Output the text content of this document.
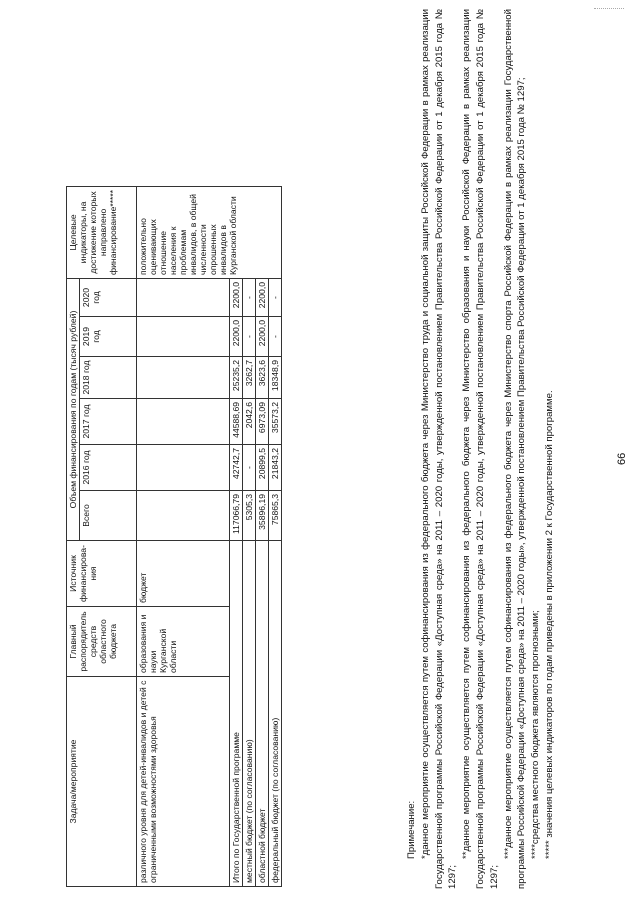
66
Задача/мероприятие	Главный распорядитель средств областного бюджета	Источник финансирова-ния	Объем финансирования по годам (тысяч рублей)						Целевые индикаторы, на достижение которых направлено финансирование*****
			Всего	2016 год	2017 год	2018 год	2019 год	2020 год	
различного уровня для детей-инвалидов и детей с ограниченными возможностями здоровья	образования и науки Курганской области	бюджет							положительно оценивающих отношение населения к проблемам инвалидов, в общей численности опрошенных инвалидов в Курганской области
Итого по Государственной программе			117066,79	42742,7	44588,69	25235,2	2200,0	2200,0	
местный бюджет (по согласованию)			5305,3	-	2042,6	3262,7	-	-	
областной бюджет			35896,19	20899,5	6973,09	3623,6	2200,0	2200,0	
федеральный бюджет (по согласованию)			75865,3	21843,2	35573,2	18348,9	-	-	

Примечание: *данное мероприятие осуществляется путем софинансирования из федерального бюджета через Министерство труда и социальной защиты Российской Федерации в рамках реализации Государственной программы Российской Федерации «Доступная среда» на 2011 – 2020 годы, утвержденной постановлением Правительства Российской Федерации от 1 декабря 2015 года № 1297;

**данное мероприятие осуществляется путем софинансирования из федерального бюджета через Министерство образования и науки Российской Федерации в рамках реализации Государственной программы Российской Федерации «Доступная среда» на 2011 – 2020 годы, утвержденной постановлением Правительства Российской Федерации от 1 декабря 2015 года № 1297;

***данное мероприятие осуществляется путем софинансирования из федерального бюджета через Министерство спорта Российской Федерации в рамках реализации Государственной программы Российской Федерации «Доступная среда» на 2011 – 2020 годы», утвержденной постановлением Правительства Российской Федерации от 1 декабря 2015 года № 1297; ****средства местного бюджета являются прогнозными; ***** значения целевых индикаторов по годам приведены в приложении 2 к Государственной программе.
